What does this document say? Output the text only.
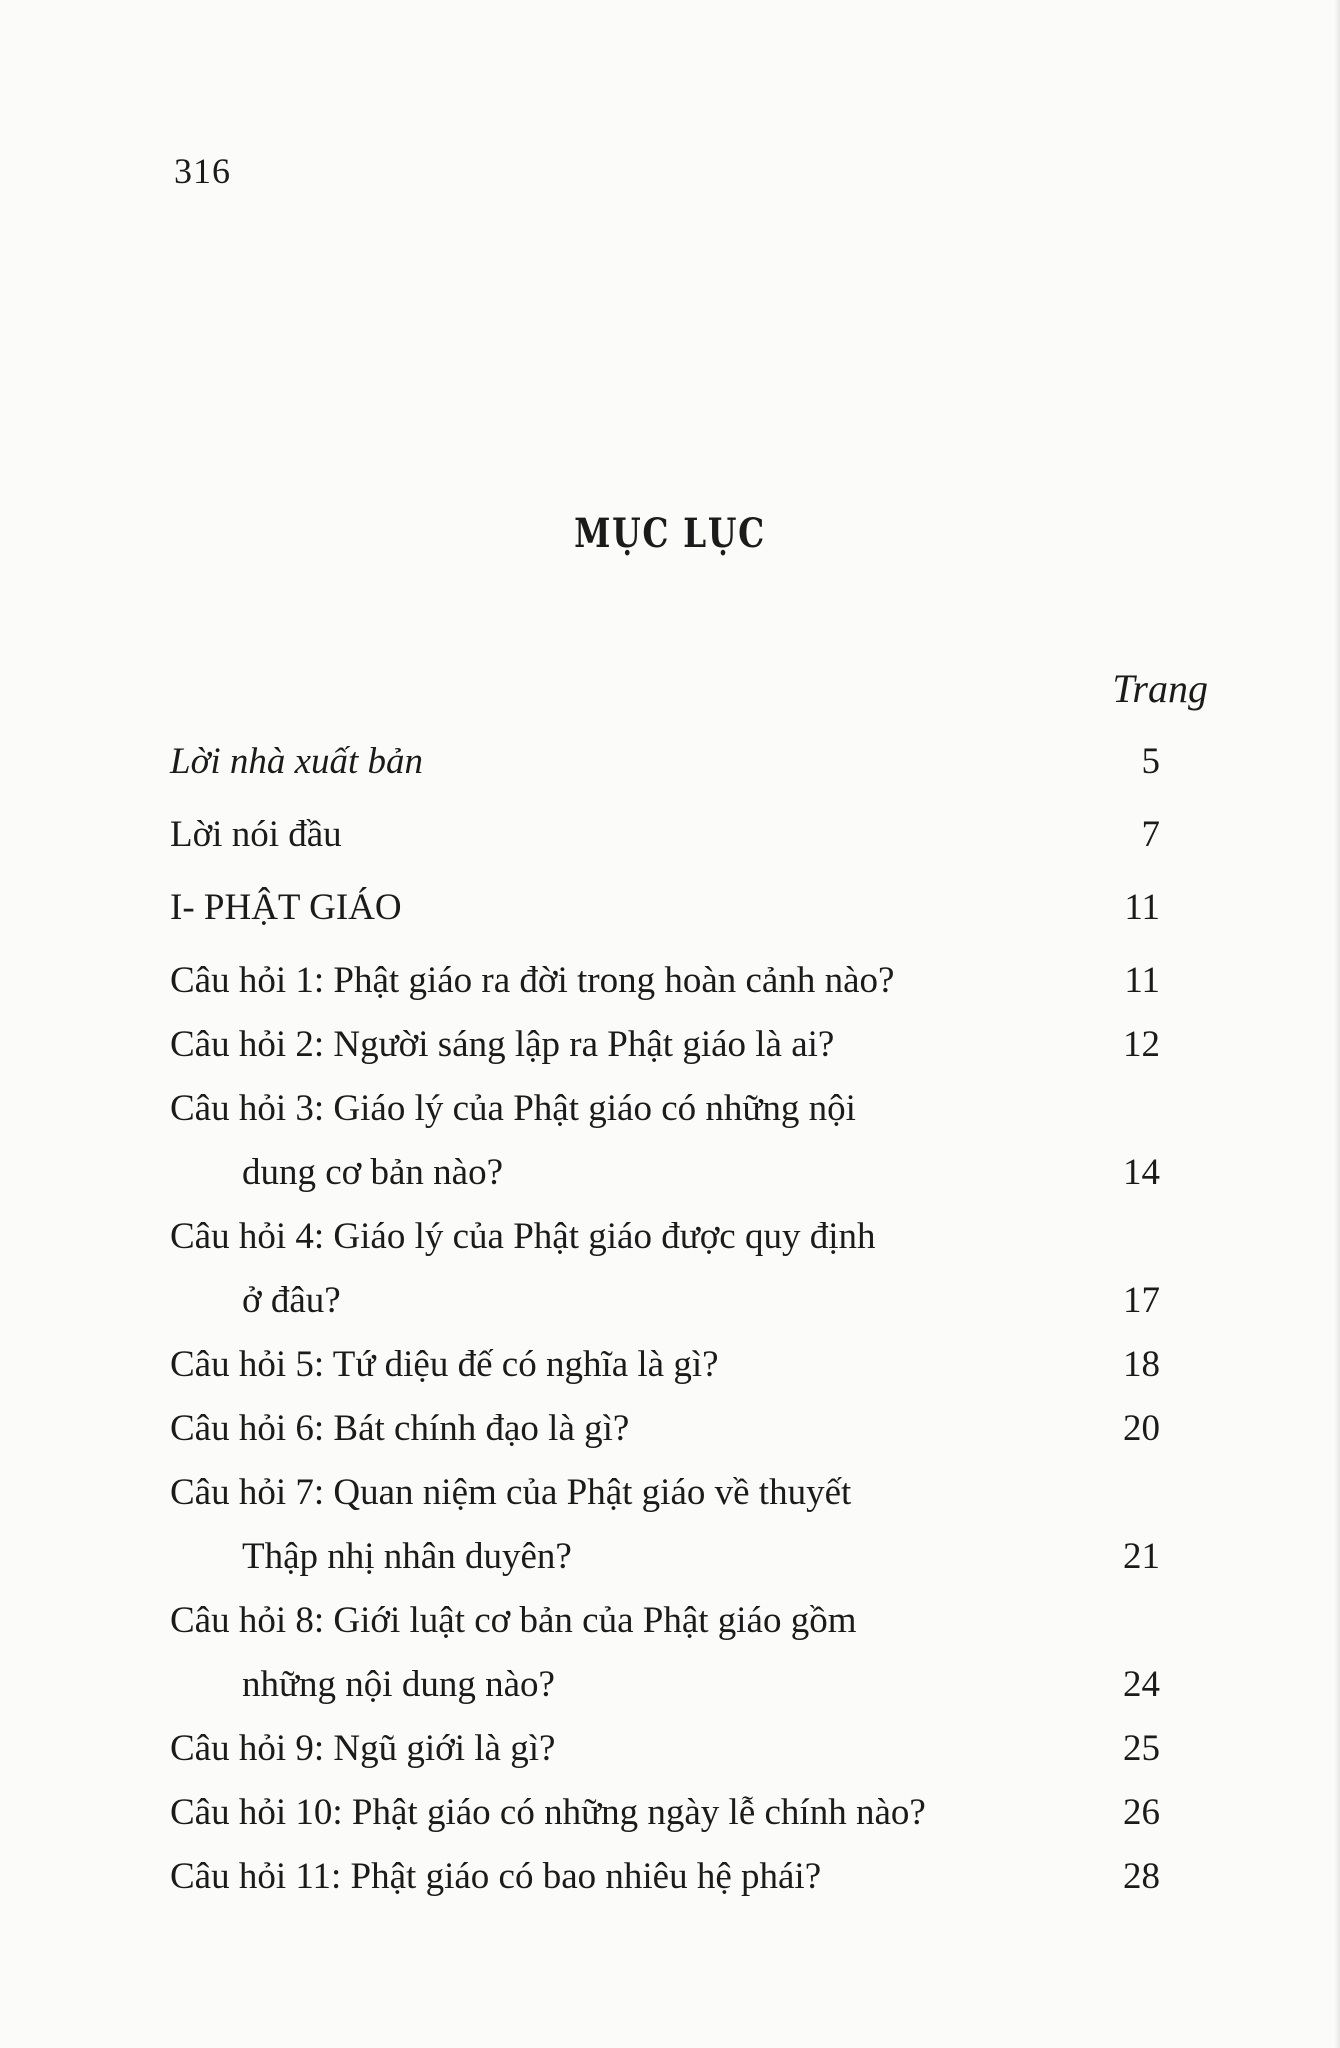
316
MỤC LỤC
Trang
Lời nhà xuất bản	5
Lời nói đầu	7
I- PHẬT GIÁO	11
Câu hỏi 1: Phật giáo ra đời trong hoàn cảnh nào?	11
Câu hỏi 2: Người sáng lập ra Phật giáo là ai?	12
Câu hỏi 3: Giáo lý của Phật giáo có những nội
dung cơ bản nào?	14
Câu hỏi 4: Giáo lý của Phật giáo được quy định
ở đâu?	17
Câu hỏi 5: Tứ diệu đế có nghĩa là gì?	18
Câu hỏi 6: Bát chính đạo là gì?	20
Câu hỏi 7: Quan niệm của Phật giáo về thuyết
Thập nhị nhân duyên?	21
Câu hỏi 8: Giới luật cơ bản của Phật giáo gồm
những nội dung nào?	24
Câu hỏi 9: Ngũ giới là gì?	25
Câu hỏi 10: Phật giáo có những ngày lễ chính nào?	26
Câu hỏi 11: Phật giáo có bao nhiêu hệ phái?	28
